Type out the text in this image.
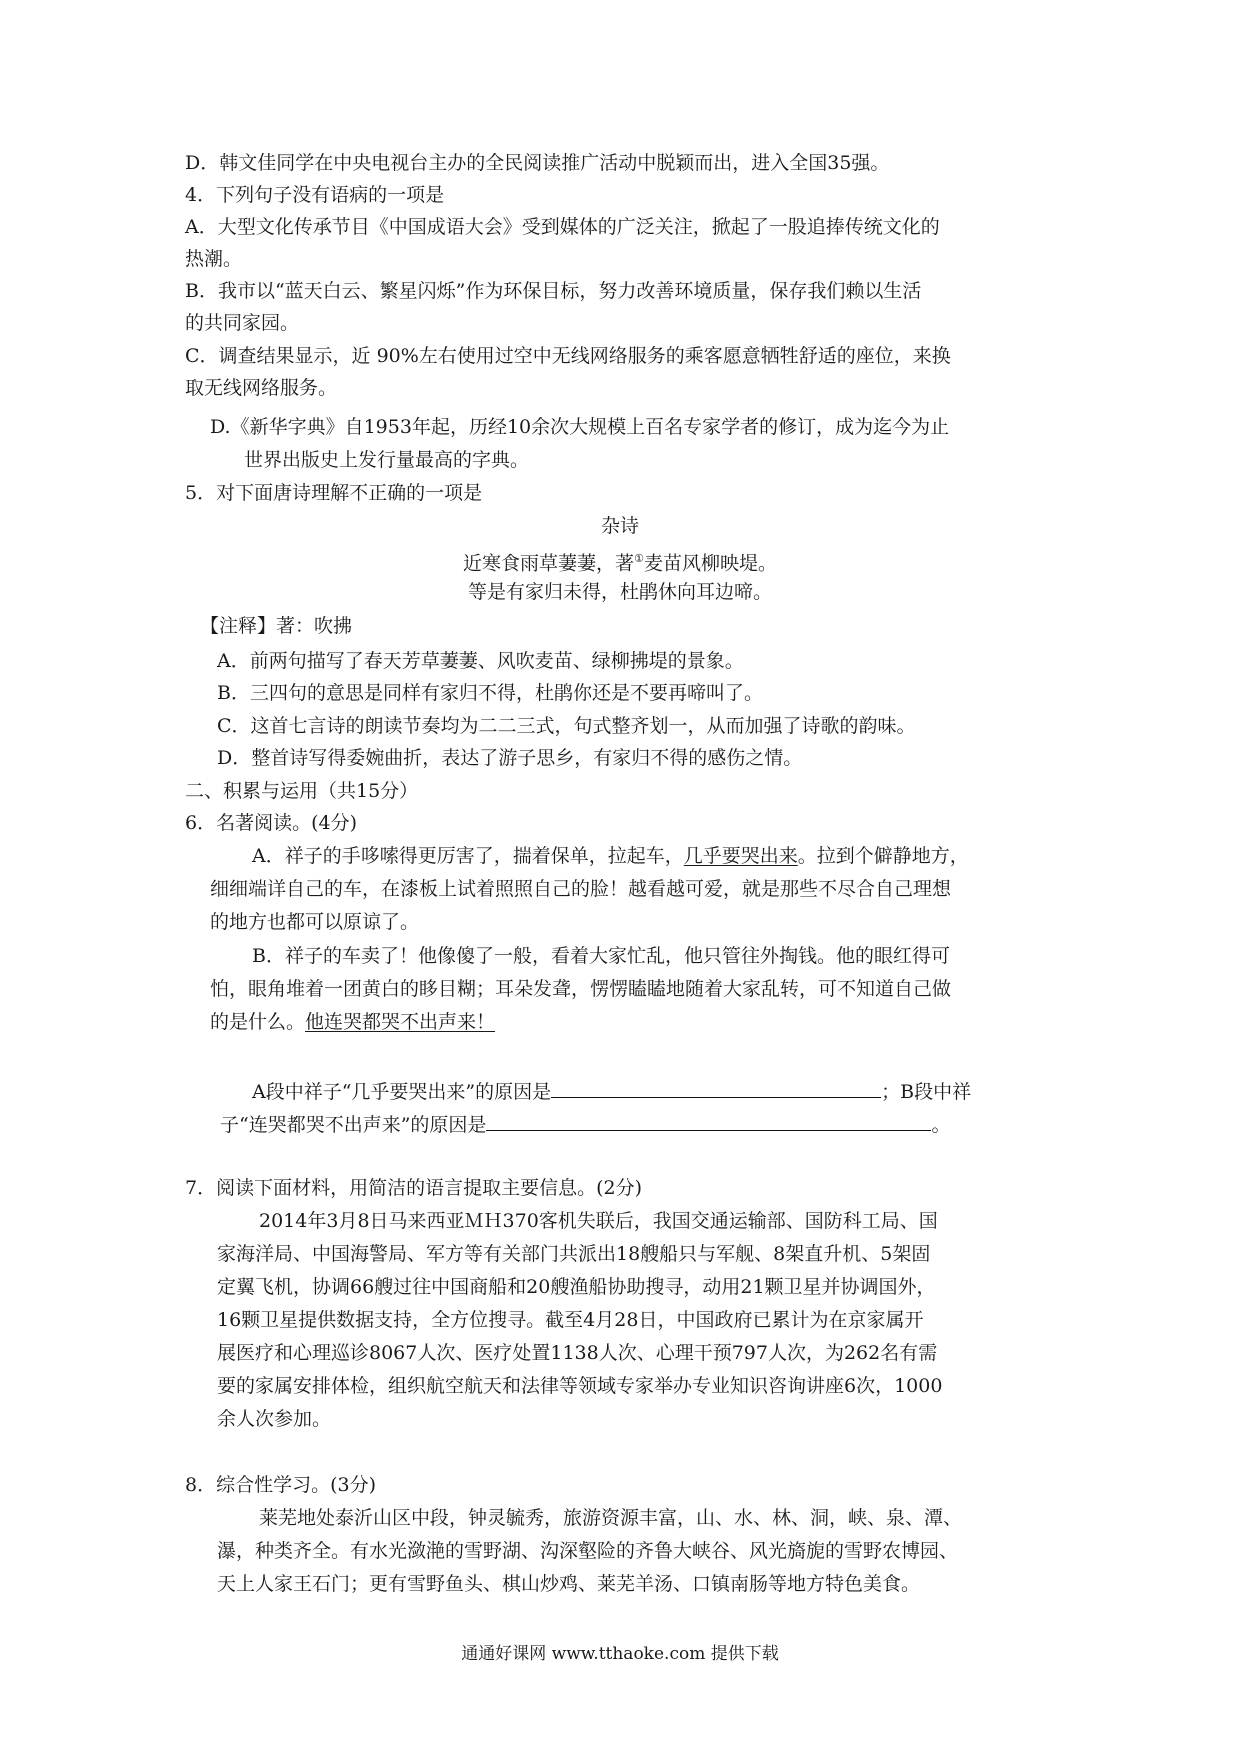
D．韩文佳同学在中央电视台主办的全民阅读推广活动中脱颖而出，进入全国35强。
4．下列句子没有语病的一项是
A．大型文化传承节目《中国成语大会》受到媒体的广泛关注，掀起了一股追捧传统文化的
热潮。
B．我市以“蓝天白云、繁星闪烁”作为环保目标，努力改善环境质量，保存我们赖以生活
的共同家园。
C．调查结果显示，近 90%左右使用过空中无线网络服务的乘客愿意牺牲舒适的座位，来换
取无线网络服务。
D.《新华字典》自1953年起，历经10余次大规模上百名专家学者的修订，成为迄今为止
世界出版史上发行量最高的字典。
5．对下面唐诗理解不正确的一项是
杂诗
近寒食雨草萋萋，著①麦苗风柳映堤。
等是有家归未得，杜鹃休向耳边啼。
【注释】著：吹拂
A．前两句描写了春天芳草萋萋、风吹麦苗、绿柳拂堤的景象。
B．三四句的意思是同样有家归不得，杜鹃你还是不要再啼叫了。
C．这首七言诗的朗读节奏均为二二三式，句式整齐划一，从而加强了诗歌的韵味。
D．整首诗写得委婉曲折，表达了游子思乡，有家归不得的感伤之情。
二、积累与运用（共15分）
6．名著阅读。(4分)
A．祥子的手哆嗦得更厉害了，揣着保单，拉起车，几乎要哭出来。拉到个僻静地方，
细细端详自己的车，在漆板上试着照照自己的脸！越看越可爱，就是那些不尽合自己理想
的地方也都可以原谅了。
B．祥子的车卖了！他像傻了一般，看着大家忙乱，他只管往外掏钱。他的眼红得可
怕，眼角堆着一团黄白的眵目糊；耳朵发聋，愣愣瞌瞌地随着大家乱转，可不知道自己做
的是什么。他连哭都哭不出声来！
A段中祥子“几乎要哭出来”的原因是	；B段中祥
子“连哭都哭不出声来”的原因是	。
7．阅读下面材料，用简洁的语言提取主要信息。(2分)
2014年3月8日马来西亚ＭＨ370客机失联后，我国交通运输部、国防科工局、国
家海洋局、中国海警局、军方等有关部门共派出18艘船只与军舰、8架直升机、5架固
定翼飞机，协调66艘过往中国商船和20艘渔船协助搜寻，动用21颗卫星并协调国外，
16颗卫星提供数据支持，全方位搜寻。截至4月28日，中国政府已累计为在京家属开
展医疗和心理巡诊8067人次、医疗处置1138人次、心理干预797人次，为262名有需
要的家属安排体检，组织航空航天和法律等领域专家举办专业知识咨询讲座6次，1000
余人次参加。
8．综合性学习。(3分)
莱芜地处泰沂山区中段，钟灵毓秀，旅游资源丰富，山、水、林、洞，峡、泉、潭、
瀑，种类齐全。有水光潋滟的雪野湖、沟深壑险的齐鲁大峡谷、风光旖旎的雪野农博园、
天上人家王石门；更有雪野鱼头、棋山炒鸡、莱芜羊汤、口镇南肠等地方特色美食。
通通好课网 www.tthaoke.com 提供下载
